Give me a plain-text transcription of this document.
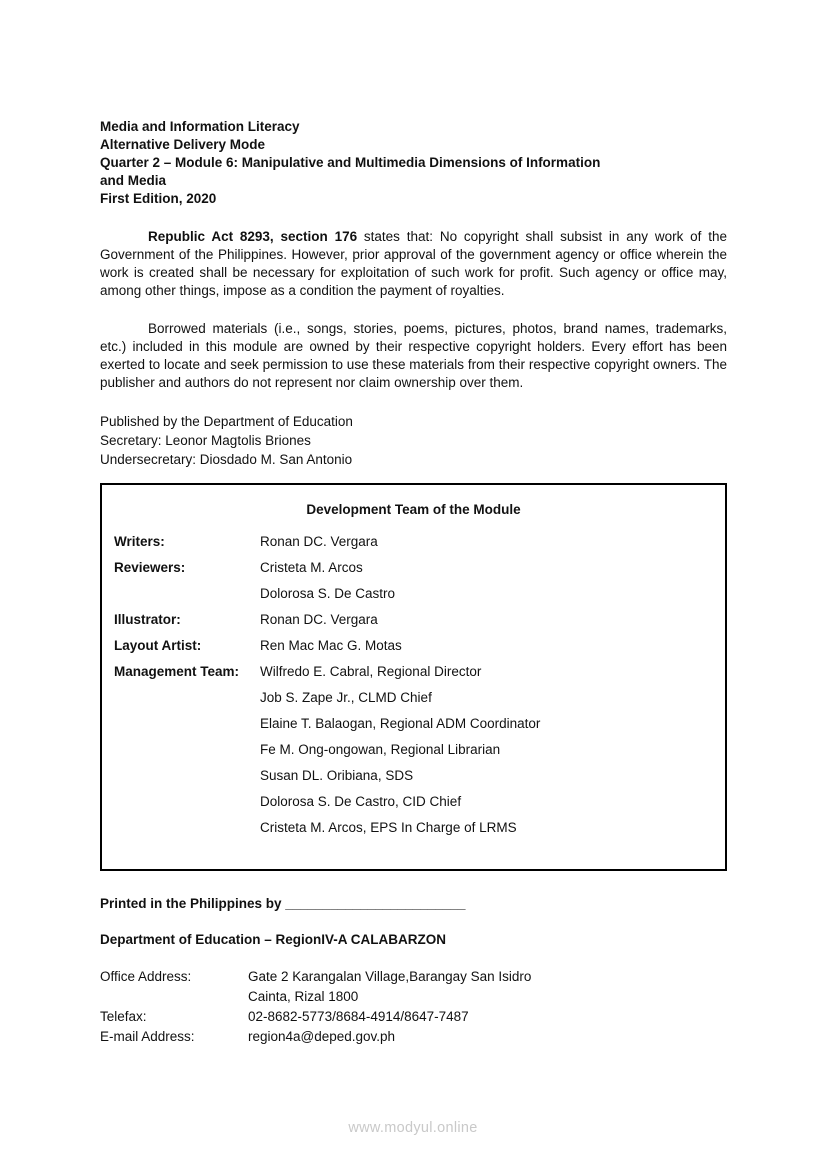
Media and Information Literacy
Alternative Delivery Mode
Quarter 2 – Module 6: Manipulative and Multimedia Dimensions of Information
and Media
First Edition, 2020

Republic Act 8293, section 176 states that: No copyright shall subsist in any work of the Government of the Philippines. However, prior approval of the government agency or office wherein the work is created shall be necessary for exploitation of such work for profit. Such agency or office may, among other things, impose as a condition the payment of royalties.

Borrowed materials (i.e., songs, stories, poems, pictures, photos, brand names, trademarks, etc.) included in this module are owned by their respective copyright holders. Every effort has been exerted to locate and seek permission to use these materials from their respective copyright owners. The publisher and authors do not represent nor claim ownership over them.

Published by the Department of Education
Secretary: Leonor Magtolis Briones
Undersecretary: Diosdado M. San Antonio
Development Team of the Module
Writers:	Ronan DC. Vergara
Reviewers:	Cristeta M. Arcos
Dolorosa S. De Castro
Illustrator:	Ronan DC. Vergara
Layout Artist:	Ren Mac Mac G. Motas
Management Team:	Wilfredo E. Cabral, Regional Director
Job S. Zape Jr., CLMD Chief
Elaine T. Balaogan, Regional ADM Coordinator
Fe M. Ong-ongowan, Regional Librarian
Susan DL. Oribiana, SDS
Dolorosa S. De Castro, CID Chief
Cristeta M. Arcos, EPS In Charge of LRMS
Printed in the Philippines by ________________________
Department of Education – RegionIV-A CALABARZON
Office Address:	Gate 2 Karangalan Village,Barangay San Isidro
Cainta, Rizal 1800
Telefax:	02-8682-5773/8684-4914/8647-7487
E-mail Address:	region4a@deped.gov.ph
www.modyul.online
